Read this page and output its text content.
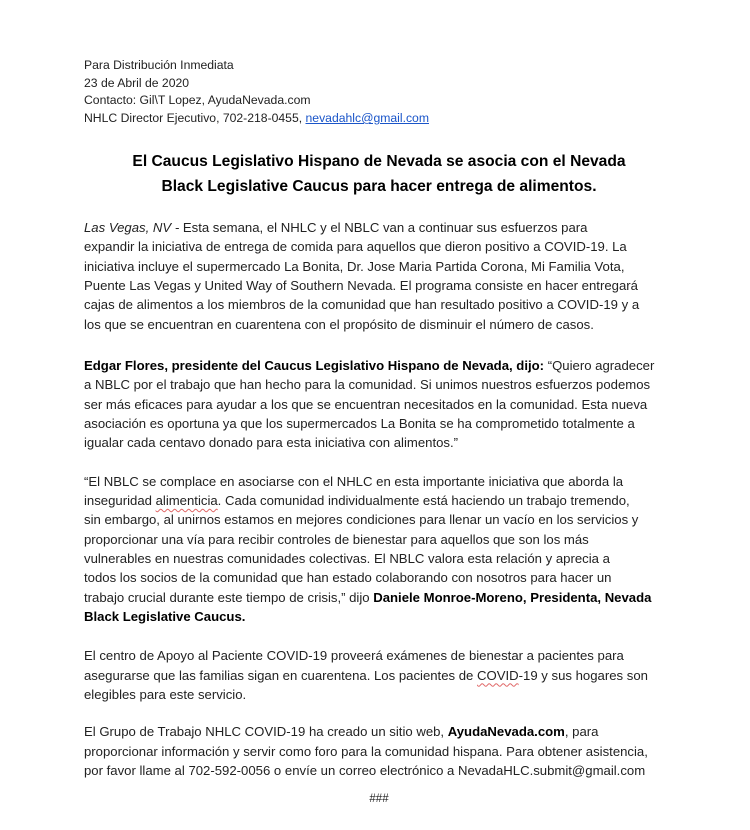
Para Distribución Inmediata
23 de Abril de 2020
Contacto: Gil\T Lopez, AyudaNevada.com
NHLC Director Ejecutivo, 702-218-0455, nevadahlc@gmail.com
El Caucus Legislativo Hispano de Nevada se asocia con el Nevada
Black Legislative Caucus para hacer entrega de alimentos.
Las Vegas, NV - Esta semana, el NHLC y el NBLC van a continuar sus esfuerzos para
expandir la iniciativa de entrega de comida para aquellos que dieron positivo a COVID-19. La
iniciativa incluye el supermercado La Bonita, Dr. Jose Maria Partida Corona, Mi Familia Vota,
Puente Las Vegas y United Way of Southern Nevada. El programa consiste en hacer entregará
cajas de alimentos a los miembros de la comunidad que han resultado positivo a COVID-19 y a
los que se encuentran en cuarentena con el propósito de disminuir el número de casos.
Edgar Flores, presidente del Caucus Legislativo Hispano de Nevada, dijo: “Quiero agradecer
a NBLC por el trabajo que han hecho para la comunidad. Si unimos nuestros esfuerzos podemos
ser más eficaces para ayudar a los que se encuentran necesitados en la comunidad. Esta nueva
asociación es oportuna ya que los supermercados La Bonita se ha comprometido totalmente a
igualar cada centavo donado para esta iniciativa con alimentos.”
“El NBLC se complace en asociarse con el NHLC en esta importante iniciativa que aborda la
inseguridad alimenticia. Cada comunidad individualmente está haciendo un trabajo tremendo,
sin embargo, al unirnos estamos en mejores condiciones para llenar un vacío en los servicios y
proporcionar una vía para recibir controles de bienestar para aquellos que son los más
vulnerables en nuestras comunidades colectivas. El NBLC valora esta relación y aprecia a
todos los socios de la comunidad que han estado colaborando con nosotros para hacer un
trabajo crucial durante este tiempo de crisis,” dijo Daniele Monroe-Moreno, Presidenta, Nevada
Black Legislative Caucus.
El centro de Apoyo al Paciente COVID-19 proveerá exámenes de bienestar a pacientes para
asegurarse que las familias sigan en cuarentena. Los pacientes de COVID-19 y sus hogares son
elegibles para este servicio.
El Grupo de Trabajo NHLC COVID-19 ha creado un sitio web, AyudaNevada.com, para
proporcionar información y servir como foro para la comunidad hispana. Para obtener asistencia,
por favor llame al 702-592-0056 o envíe un correo electrónico a NevadaHLC.submit@gmail.com
###
